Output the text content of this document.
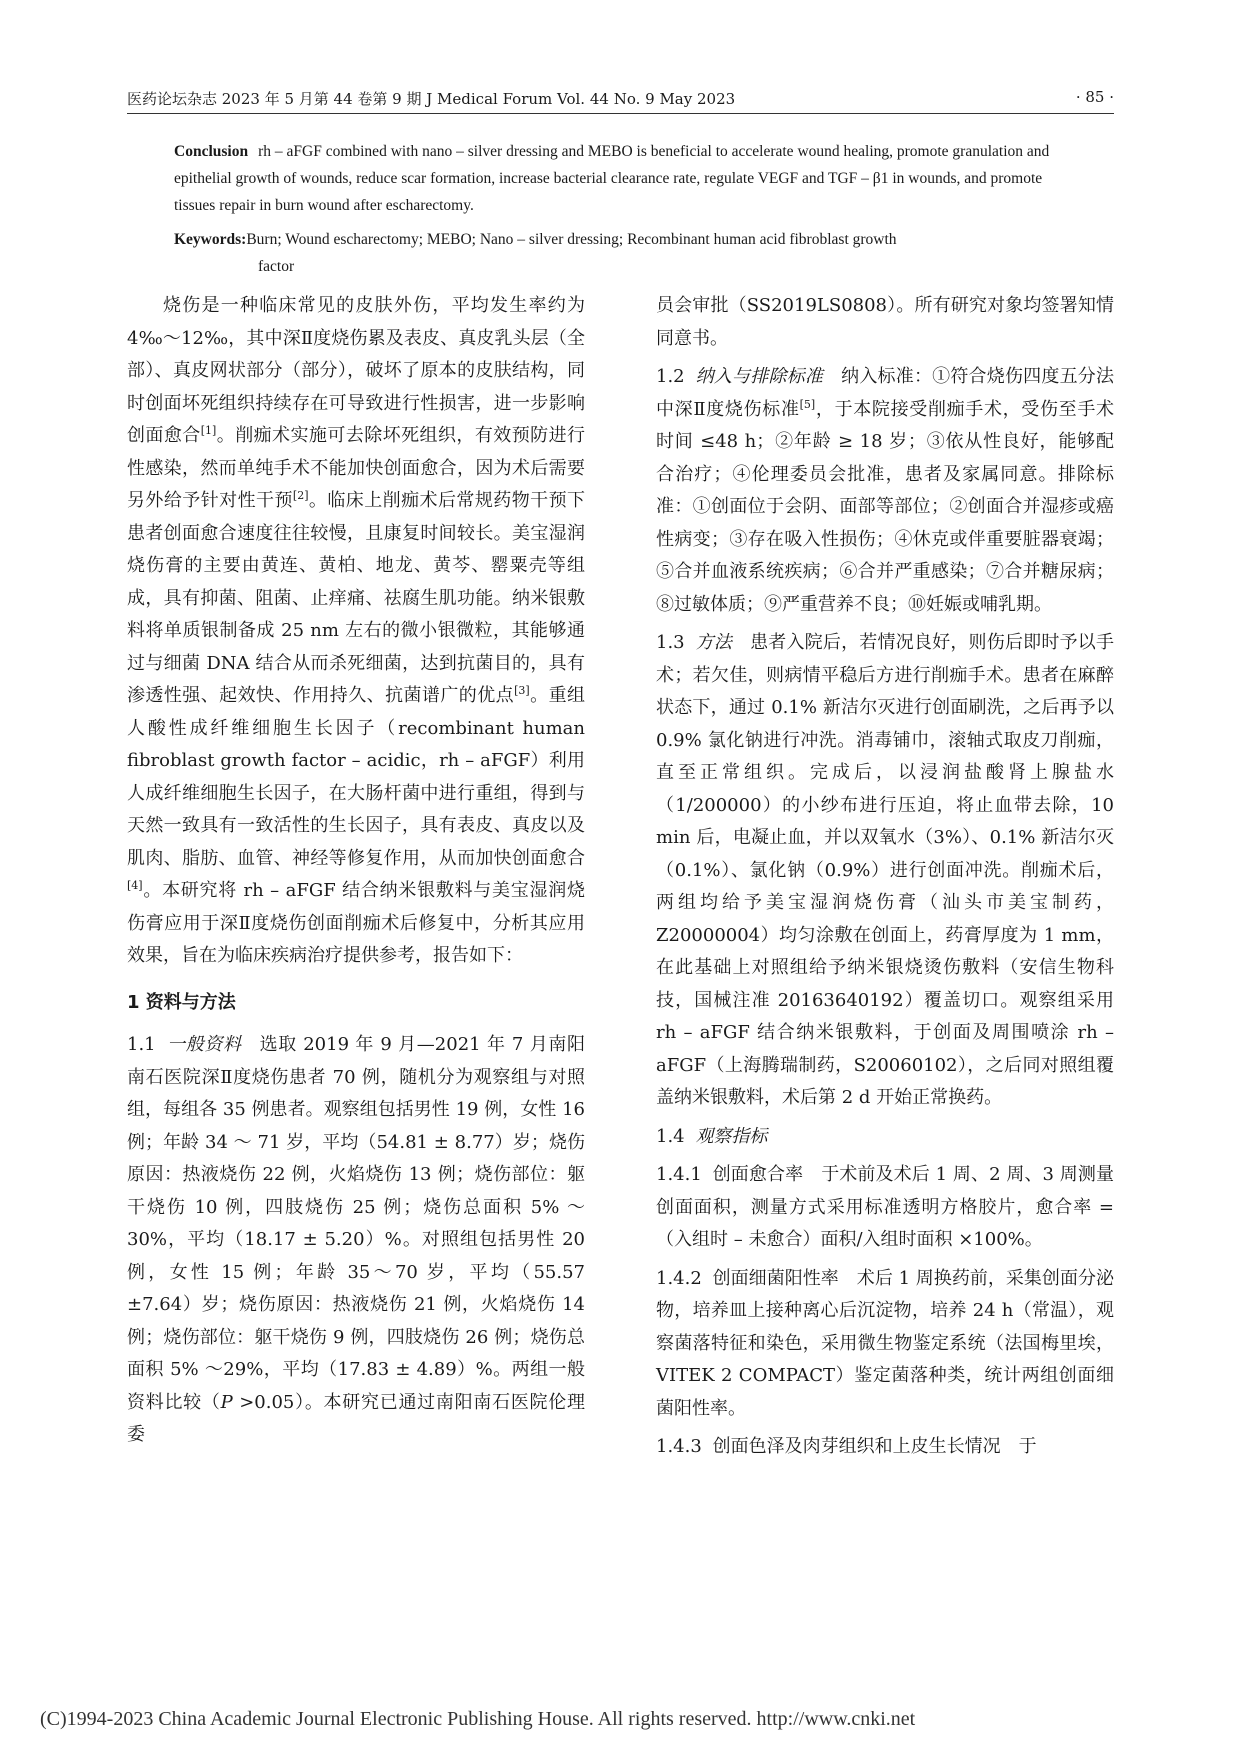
医药论坛杂志 2023 年 5 月第 44 卷第 9 期 J Medical Forum Vol. 44 No. 9 May 2023	· 85 ·
Conclusion rh – aFGF combined with nano – silver dressing and MEBO is beneficial to accelerate wound healing, promote granulation and epithelial growth of wounds, reduce scar formation, increase bacterial clearance rate, regulate VEGF and TGF – β1 in wounds, and promote tissues repair in burn wound after escharectomy.
Keywords:Burn; Wound escharectomy; MEBO; Nano – silver dressing; Recombinant human acid fibroblast growth
factor

烧伤是一种临床常见的皮肤外伤，平均发生率约为 4‰～12‰，其中深Ⅱ度烧伤累及表皮、真皮乳头层（全部）、真皮网状部分（部分），破坏了原本的皮肤结构，同时创面坏死组织持续存在可导致进行性损害，进一步影响创面愈合[1]。削痂术实施可去除坏死组织，有效预防进行性感染，然而单纯手术不能加快创面愈合，因为术后需要另外给予针对性干预[2]。临床上削痂术后常规药物干预下患者创面愈合速度往往较慢，且康复时间较长。美宝湿润烧伤膏的主要由黄连、黄柏、地龙、黄芩、罂粟壳等组成，具有抑菌、阻菌、止痒痛、祛腐生肌功能。纳米银敷料将单质银制备成 25 nm 左右的微小银微粒，其能够通过与细菌 DNA 结合从而杀死细菌，达到抗菌目的，具有渗透性强、起效快、作用持久、抗菌谱广的优点[3]。重组人酸性成纤维细胞生长因子（recombinant human fibroblast growth factor – acidic，rh – aFGF）利用人成纤维细胞生长因子，在大肠杆菌中进行重组，得到与天然一致具有一致活性的生长因子，具有表皮、真皮以及肌肉、脂肪、血管、神经等修复作用，从而加快创面愈合[4]。本研究将 rh – aFGF 结合纳米银敷料与美宝湿润烧伤膏应用于深Ⅱ度烧伤创面削痂术后修复中，分析其应用效果，旨在为临床疾病治疗提供参考，报告如下：

1 资料与方法

1.1 一般资料 选取 2019 年 9 月—2021 年 7 月南阳南石医院深Ⅱ度烧伤患者 70 例，随机分为观察组与对照组，每组各 35 例患者。观察组包括男性 19 例，女性 16 例；年龄 34 ～ 71 岁，平均（54.81 ± 8.77）岁；烧伤原因：热液烧伤 22 例，火焰烧伤 13 例；烧伤部位：躯干烧伤 10 例，四肢烧伤 25 例；烧伤总面积 5% ～30%，平均（18.17 ± 5.20）%。对照组包括男性 20 例，女性 15 例；年龄 35～70 岁，平均（55.57 ±7.64）岁；烧伤原因：热液烧伤 21 例，火焰烧伤 14 例；烧伤部位：躯干烧伤 9 例，四肢烧伤 26 例；烧伤总面积 5% ～29%，平均（17.83 ± 4.89）%。两组一般资料比较（P >0.05）。本研究已通过南阳南石医院伦理委

员会审批（SS2019LS0808）。所有研究对象均签署知情同意书。

1.2 纳入与排除标准 纳入标准：①符合烧伤四度五分法中深Ⅱ度烧伤标准[5]，于本院接受削痂手术，受伤至手术时间 ≤48 h；②年龄 ≥ 18 岁；③依从性良好，能够配合治疗；④伦理委员会批准，患者及家属同意。排除标准：①创面位于会阴、面部等部位；②创面合并湿疹或癌性病变；③存在吸入性损伤；④休克或伴重要脏器衰竭；⑤合并血液系统疾病；⑥合并严重感染；⑦合并糖尿病；⑧过敏体质；⑨严重营养不良；⑩妊娠或哺乳期。

1.3 方法 患者入院后，若情况良好，则伤后即时予以手术；若欠佳，则病情平稳后方进行削痂手术。患者在麻醉状态下，通过 0.1% 新洁尔灭进行创面刷洗，之后再予以 0.9% 氯化钠进行冲洗。消毒铺巾，滚轴式取皮刀削痂，直至正常组织。完成后，以浸润盐酸肾上腺盐水（1/200000）的小纱布进行压迫，将止血带去除，10 min 后，电凝止血，并以双氧水（3%）、0.1% 新洁尔灭（0.1%）、氯化钠（0.9%）进行创面冲洗。削痂术后，两组均给予美宝湿润烧伤膏（汕头市美宝制药，Z20000004）均匀涂敷在创面上，药膏厚度为 1 mm，在此基础上对照组给予纳米银烧烫伤敷料（安信生物科技，国械注准 20163640192）覆盖切口。观察组采用 rh – aFGF 结合纳米银敷料，于创面及周围喷涂 rh – aFGF（上海腾瑞制药，S20060102），之后同对照组覆盖纳米银敷料，术后第 2 d 开始正常换药。

1.4 观察指标

1.4.1 创面愈合率 于术前及术后 1 周、2 周、3 周测量创面面积，测量方式采用标准透明方格胶片，愈合率 =（入组时 – 未愈合）面积/入组时面积 ×100%。

1.4.2 创面细菌阳性率 术后 1 周换药前，采集创面分泌物，培养皿上接种离心后沉淀物，培养 24 h（常温），观察菌落特征和染色，采用微生物鉴定系统（法国梅里埃，VITEK 2 COMPACT）鉴定菌落种类，统计两组创面细菌阳性率。

1.4.3 创面色泽及肉芽组织和上皮生长情况 于

(C)1994-2023 China Academic Journal Electronic Publishing House. All rights reserved. http://www.cnki.net
